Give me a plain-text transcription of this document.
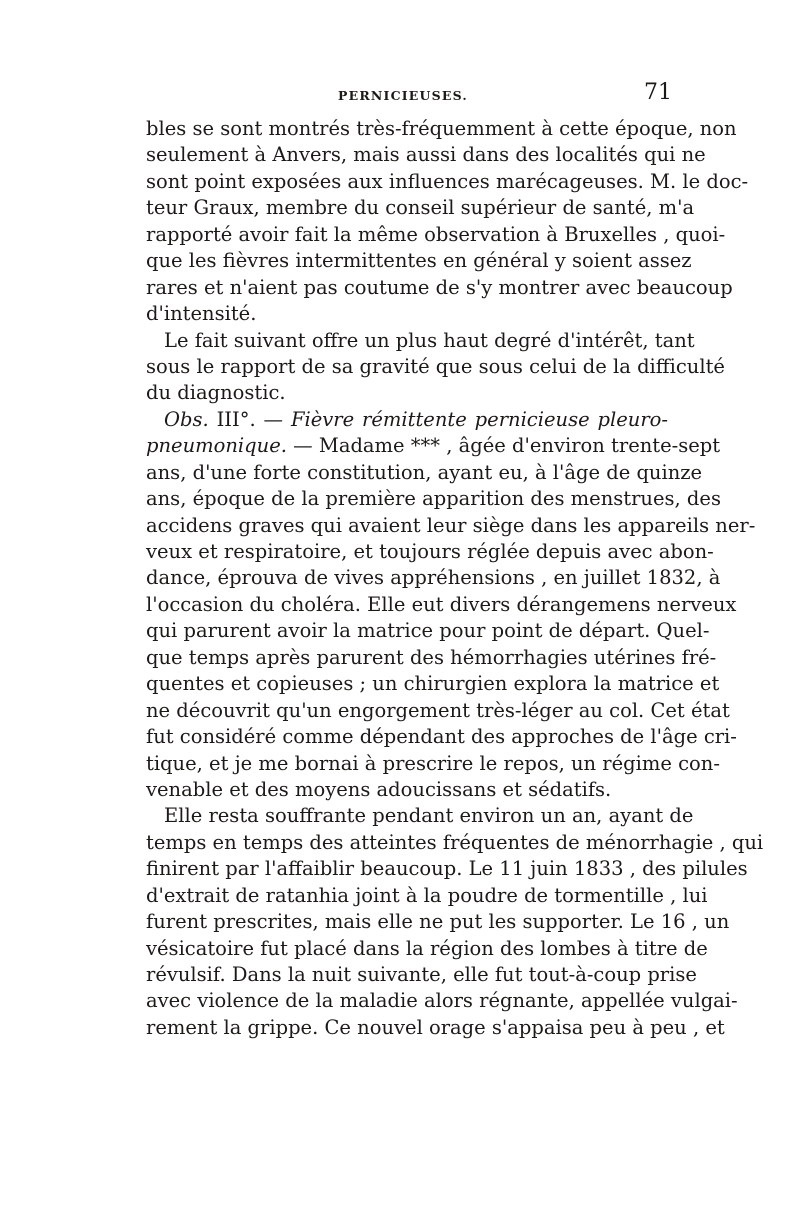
PERNICIEUSES.	71
bles se sont montrés très-fréquemment à cette époque, non
seulement à Anvers, mais aussi dans des localités qui ne
sont point exposées aux influences marécageuses. M. le doc-
teur Graux, membre du conseil supérieur de santé, m'a
rapporté avoir fait la même observation à Bruxelles , quoi-
que les fièvres intermittentes en général y soient assez
rares et n'aient pas coutume de s'y montrer avec beaucoup
d'intensité.
Le fait suivant offre un plus haut degré d'intérêt, tant
sous le rapport de sa gravité que sous celui de la difficulté
du diagnostic.
Obs. III°. — Fièvre rémittente pernicieuse pleuro-
pneumonique. — Madame *** , âgée d'environ trente-sept
ans, d'une forte constitution, ayant eu, à l'âge de quinze
ans, époque de la première apparition des menstrues, des
accidens graves qui avaient leur siège dans les appareils ner-
veux et respiratoire, et toujours réglée depuis avec abon-
dance, éprouva de vives appréhensions , en juillet 1832, à
l'occasion du choléra. Elle eut divers dérangemens nerveux
qui parurent avoir la matrice pour point de départ. Quel-
que temps après parurent des hémorrhagies utérines fré-
quentes et copieuses ; un chirurgien explora la matrice et
ne découvrit qu'un engorgement très-léger au col. Cet état
fut considéré comme dépendant des approches de l'âge cri-
tique, et je me bornai à prescrire le repos, un régime con-
venable et des moyens adoucissans et sédatifs.
Elle resta souffrante pendant environ un an, ayant de
temps en temps des atteintes fréquentes de ménorrhagie , qui
finirent par l'affaiblir beaucoup. Le 11 juin 1833 , des pilules
d'extrait de ratanhia joint à la poudre de tormentille , lui
furent prescrites, mais elle ne put les supporter. Le 16 , un
vésicatoire fut placé dans la région des lombes à titre de
révulsif. Dans la nuit suivante, elle fut tout-à-coup prise
avec violence de la maladie alors régnante, appellée vulgai-
rement la grippe. Ce nouvel orage s'appaisa peu à peu , et
